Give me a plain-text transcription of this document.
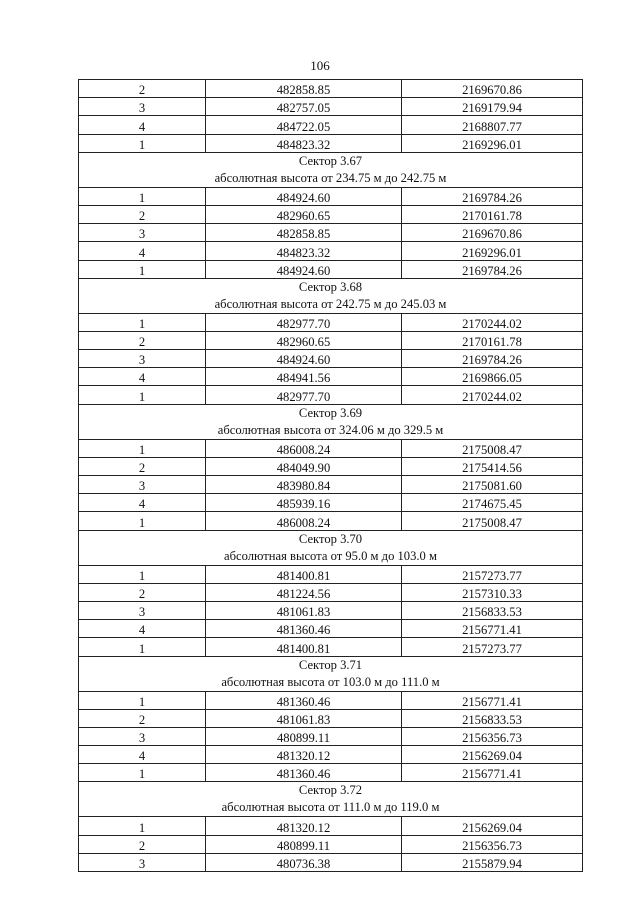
106
2	482858.85	2169670.86
3	482757.05	2169179.94
4	484722.05	2168807.77
1	484823.32	2169296.01

Сектор 3.67
абсолютная высота от 234.75 м до 242.75 м		

1	484924.60	2169784.26
2	482960.65	2170161.78
3	482858.85	2169670.86
4	484823.32	2169296.01
1	484924.60	2169784.26

Сектор 3.68
абсолютная высота от 242.75 м до 245.03 м		

1	482977.70	2170244.02
2	482960.65	2170161.78
3	484924.60	2169784.26
4	484941.56	2169866.05
1	482977.70	2170244.02

Сектор 3.69
абсолютная высота от 324.06 м до 329.5 м		

1	486008.24	2175008.47
2	484049.90	2175414.56
3	483980.84	2175081.60
4	485939.16	2174675.45
1	486008.24	2175008.47

Сектор 3.70
абсолютная высота от 95.0 м до 103.0 м		

1	481400.81	2157273.77
2	481224.56	2157310.33
3	481061.83	2156833.53
4	481360.46	2156771.41
1	481400.81	2157273.77

Сектор 3.71
абсолютная высота от 103.0 м до 111.0 м		

1	481360.46	2156771.41
2	481061.83	2156833.53
3	480899.11	2156356.73
4	481320.12	2156269.04
1	481360.46	2156771.41

Сектор 3.72
абсолютная высота от 111.0 м до 119.0 м		

1	481320.12	2156269.04
2	480899.11	2156356.73
3	480736.38	2155879.94
